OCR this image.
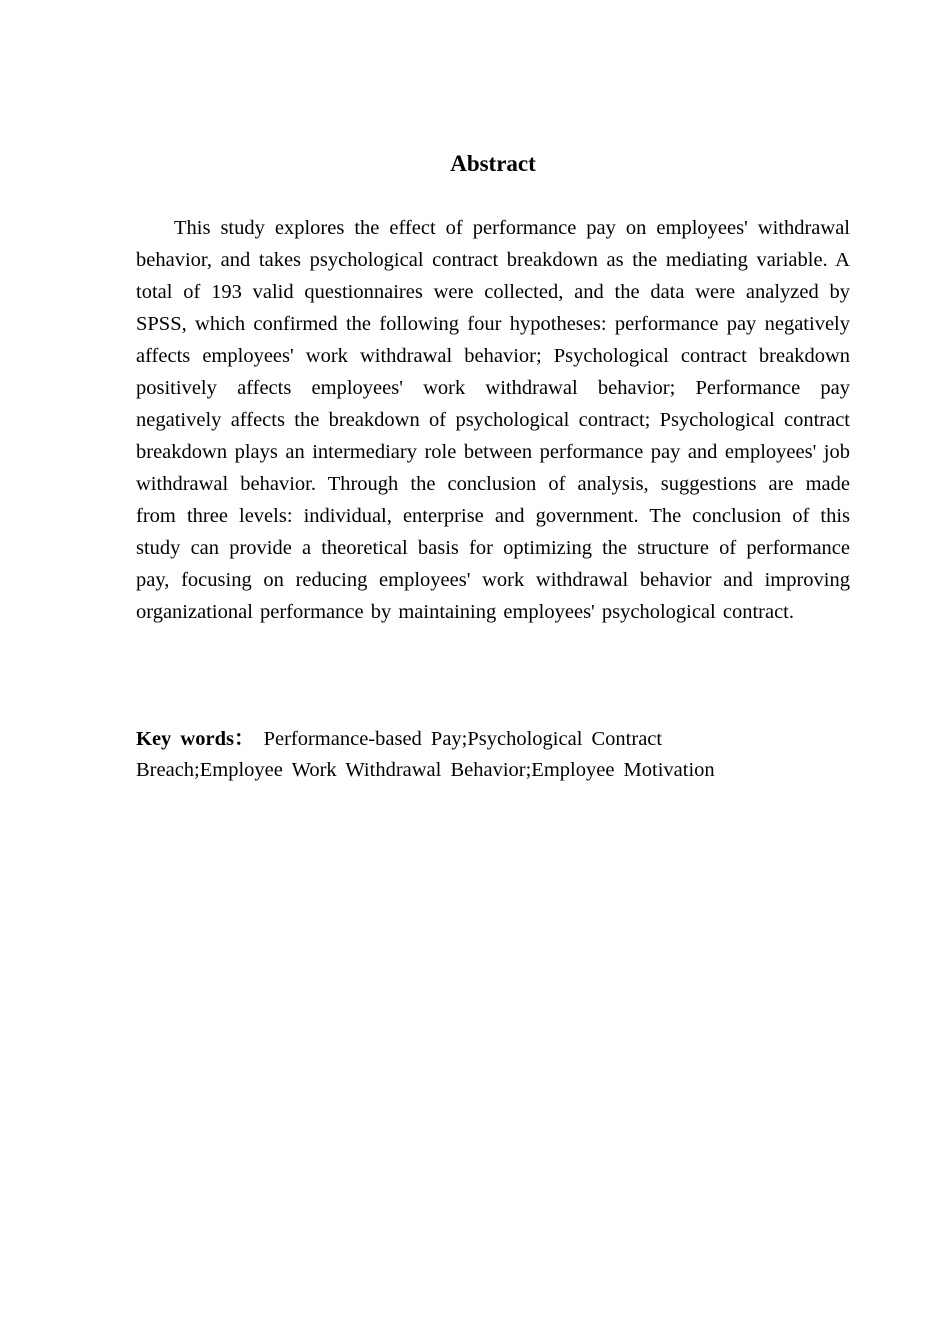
Abstract

This study explores the effect of performance pay on employees' withdrawal behavior, and takes psychological contract breakdown as the mediating variable. A total of 193 valid questionnaires were collected, and the data were analyzed by SPSS, which confirmed the following four hypotheses: performance pay negatively affects employees' work withdrawal behavior; Psychological contract breakdown positively affects employees' work withdrawal behavior; Performance pay negatively affects the breakdown of psychological contract; Psychological contract breakdown plays an intermediary role between performance pay and employees' job withdrawal behavior. Through the conclusion of analysis, suggestions are made from three levels: individual, enterprise and government. The conclusion of this study can provide a theoretical basis for optimizing the structure of performance pay, focusing on reducing employees' work withdrawal behavior and improving organizational performance by maintaining employees' psychological contract.

Key words： Performance-based Pay;Psychological Contract Breach;Employee Work Withdrawal Behavior;Employee Motivation
